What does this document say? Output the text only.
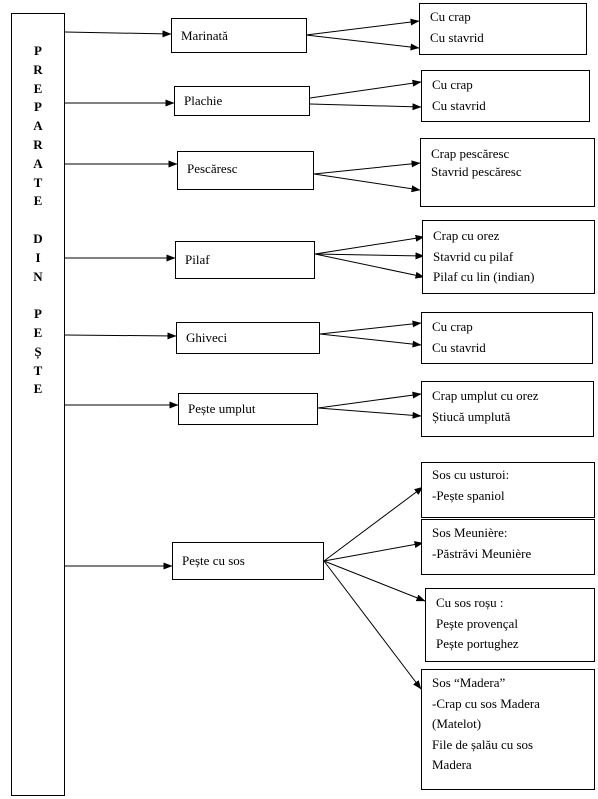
P
R
E
P
A
R
A
T
E
D
I
N
P
E
Ș
T
E
Marinată
Plachie
Pescăresc
Pilaf
Ghiveci
Pește umplut
Pește cu sos
Cu crap
Cu stavrid
Cu crap
Cu stavrid
Crap pescăresc
Stavrid pescăresc
Crap cu orez
Stavrid cu pilaf
Pilaf cu lin (indian)
Cu crap
Cu stavrid
Crap umplut cu orez
Știucă umplută
Sos cu usturoi:
-Pește spaniol
Sos Meunière:
-Păstrăvi Meunière
Cu sos roșu :
Pește provençal
Pește portughez
Sos “Madera”
-Crap cu sos Madera
(Matelot)
File de șalău cu sos
Madera
